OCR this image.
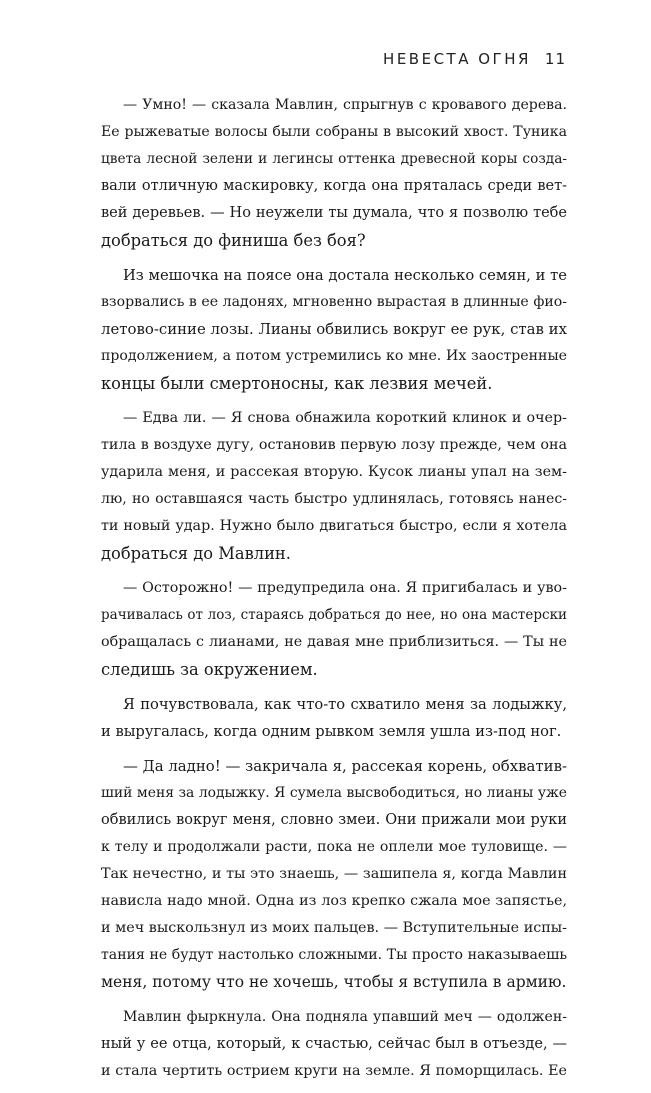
НЕВЕСТА ОГНЯ 11
— Умно! — сказала Мавлин, спрыгнув с кровавого дерева.
Ее рыжеватые волосы были собраны в высокий хвост. Туника
цвета лесной зелени и легинсы оттенка древесной коры созда-
вали отличную маскировку, когда она пряталась среди вет-
вей деревьев. — Но неужели ты думала, что я позволю тебе
добраться до финиша без боя?
Из мешочка на поясе она достала несколько семян, и те
взорвались в ее ладонях, мгновенно вырастая в длинные фио-
летово-синие лозы. Лианы обвились вокруг ее рук, став их
продолжением, а потом устремились ко мне. Их заостренные
концы были смертоносны, как лезвия мечей.
— Едва ли. — Я снова обнажила короткий клинок и очер-
тила в воздухе дугу, остановив первую лозу прежде, чем она
ударила меня, и рассекая вторую. Кусок лианы упал на зем-
лю, но оставшаяся часть быстро удлинялась, готовясь нанес-
ти новый удар. Нужно было двигаться быстро, если я хотела
добраться до Мавлин.
— Осторожно! — предупредила она. Я пригибалась и уво-
рачивалась от лоз, стараясь добраться до нее, но она мастерски
обращалась с лианами, не давая мне приблизиться. — Ты не
следишь за окружением.
Я почувствовала, как что-то схватило меня за лодыжку,
и выругалась, когда одним рывком земля ушла из-под ног.
— Да ладно! — закричала я, рассекая корень, обхватив-
ший меня за лодыжку. Я сумела высвободиться, но лианы уже
обвились вокруг меня, словно змеи. Они прижали мои руки
к телу и продолжали расти, пока не оплели мое туловище. —
Так нечестно, и ты это знаешь, — зашипела я, когда Мавлин
нависла надо мной. Одна из лоз крепко сжала мое запястье,
и меч выскользнул из моих пальцев. — Вступительные испы-
тания не будут настолько сложными. Ты просто наказываешь
меня, потому что не хочешь, чтобы я вступила в армию.
Мавлин фыркнула. Она подняла упавший меч — одолжен-
ный у ее отца, который, к счастью, сейчас был в отъезде, —
и стала чертить острием круги на земле. Я поморщилась. Ее
